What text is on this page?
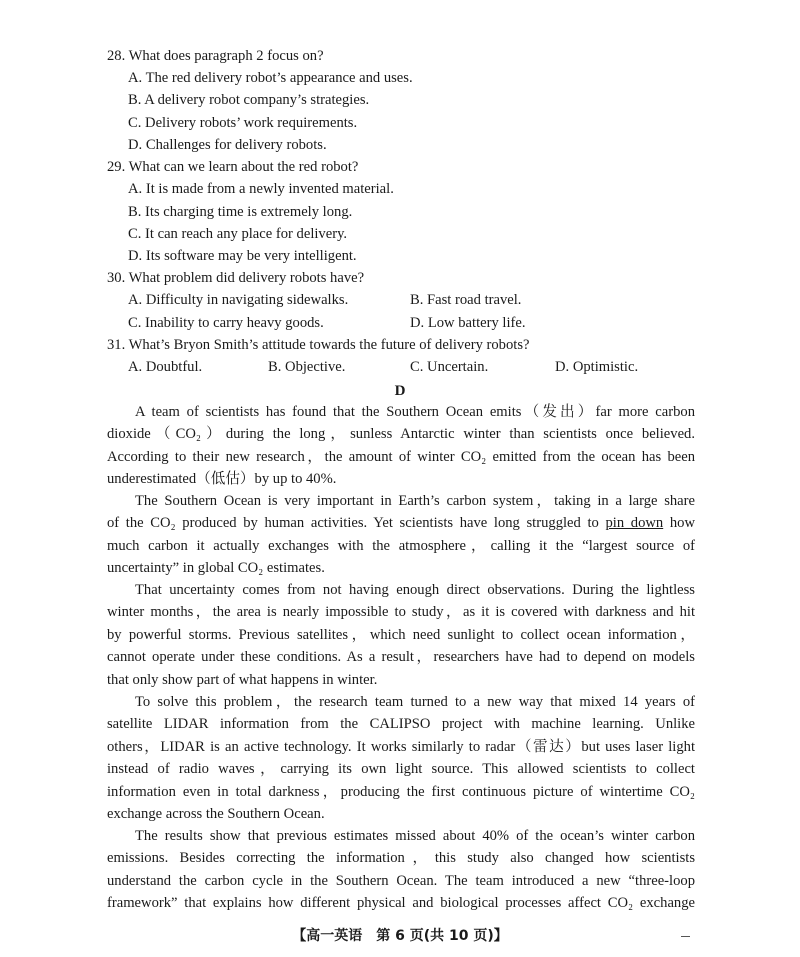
28. What does paragraph 2 focus on?
A. The red delivery robot’s appearance and uses.
B. A delivery robot company’s strategies.
C. Delivery robots’ work requirements.
D. Challenges for delivery robots.
29. What can we learn about the red robot?
A. It is made from a newly invented material.
B. Its charging time is extremely long.
C. It can reach any place for delivery.
D. Its software may be very intelligent.
30. What problem did delivery robots have?
A. Difficulty in navigating sidewalks.	B. Fast road travel.
C. Inability to carry heavy goods.	D. Low battery life.
31. What’s Bryon Smith’s attitude towards the future of delivery robots?
A. Doubtful.	B. Objective.	C. Uncertain.	D. Optimistic.
D
A team of scientists has found that the Southern Ocean emits（发出）far more carbon
dioxide（CO₂）during the long，sunless Antarctic winter than scientists once believed.
According to their new research，the amount of winter CO₂ emitted from the ocean has been
underestimated（低估）by up to 40%.
The Southern Ocean is very important in Earth’s carbon system，taking in a large share
of the CO₂ produced by human activities. Yet scientists have long struggled to pin down how
much carbon it actually exchanges with the atmosphere，calling it the “largest source of
uncertainty” in global CO₂ estimates.
That uncertainty comes from not having enough direct observations. During the lightless
winter months，the area is nearly impossible to study，as it is covered with darkness and hit
by powerful storms. Previous satellites，which need sunlight to collect ocean information，
cannot operate under these conditions. As a result，researchers have had to depend on models
that only show part of what happens in winter.
To solve this problem，the research team turned to a new way that mixed 14 years of
satellite LIDAR information from the CALIPSO project with machine learning. Unlike
others，LIDAR is an active technology. It works similarly to radar（雷达）but uses laser light
instead of radio waves，carrying its own light source. This allowed scientists to collect
information even in total darkness，producing the first continuous picture of wintertime CO₂
exchange across the Southern Ocean.
The results show that previous estimates missed about 40% of the ocean’s winter carbon
emissions. Besides correcting the information，this study also changed how scientists
understand the carbon cycle in the Southern Ocean. The team introduced a new “three-loop
framework” that explains how different physical and biological processes affect CO₂ exchange
【高一英语　第 6 页(共 10 页)】
